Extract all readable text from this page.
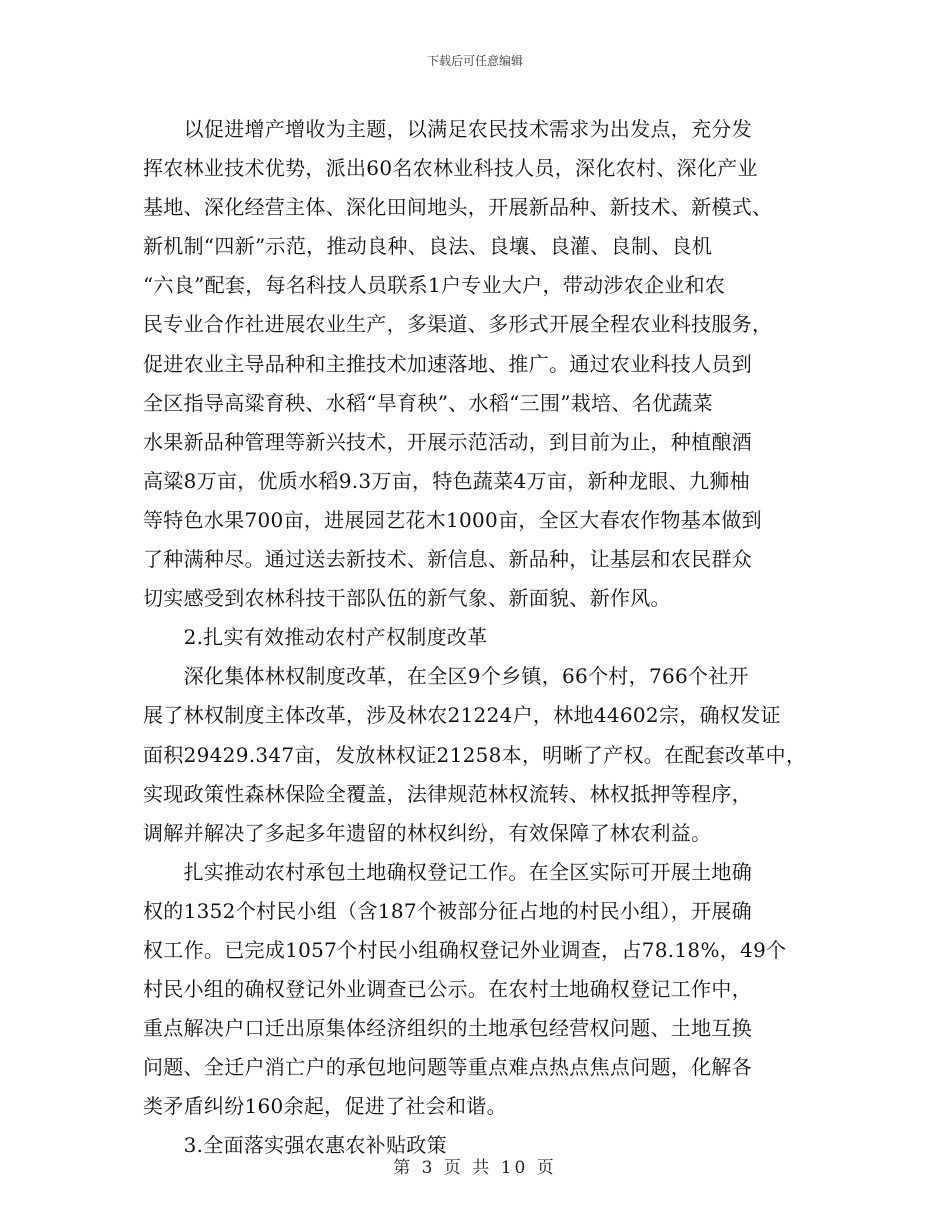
下载后可任意编辑
　　以促进增产增收为主题，以满足农民技术需求为出发点，充分发
挥农林业技术优势，派出60名农林业科技人员，深化农村、深化产业
基地、深化经营主体、深化田间地头，开展新品种、新技术、新模式、
新机制“四新”示范，推动良种、良法、良壤、良灌、良制、良机
“六良”配套，每名科技人员联系1户专业大户，带动涉农企业和农
民专业合作社进展农业生产，多渠道、多形式开展全程农业科技服务，
促进农业主导品种和主推技术加速落地、推广。通过农业科技人员到
全区指导高粱育秧、水稻“旱育秧”、水稻“三围”栽培、名优蔬菜
水果新品种管理等新兴技术，开展示范活动，到目前为止，种植酿酒
高粱8万亩，优质水稻9.3万亩，特色蔬菜4万亩，新种龙眼、九狮柚
等特色水果700亩，进展园艺花木1000亩，全区大春农作物基本做到
了种满种尽。通过送去新技术、新信息、新品种，让基层和农民群众
切实感受到农林科技干部队伍的新气象、新面貌、新作风。
　　2.扎实有效推动农村产权制度改革
　　深化集体林权制度改革，在全区9个乡镇，66个村，766个社开
展了林权制度主体改革，涉及林农21224户，林地44602宗，确权发证
面积29429.347亩，发放林权证21258本，明晰了产权。在配套改革中，
实现政策性森林保险全覆盖，法律规范林权流转、林权抵押等程序，
调解并解决了多起多年遗留的林权纠纷，有效保障了林农利益。
　　扎实推动农村承包土地确权登记工作。在全区实际可开展土地确
权的1352个村民小组（含187个被部分征占地的村民小组），开展确
权工作。已完成1057个村民小组确权登记外业调查，占78.18%，49个
村民小组的确权登记外业调查已公示。在农村土地确权登记工作中，
重点解决户口迁出原集体经济组织的土地承包经营权问题、土地互换
问题、全迁户消亡户的承包地问题等重点难点热点焦点问题，化解各
类矛盾纠纷160余起，促进了社会和谐。
　　3.全面落实强农惠农补贴政策
第 3 页 共 10 页
